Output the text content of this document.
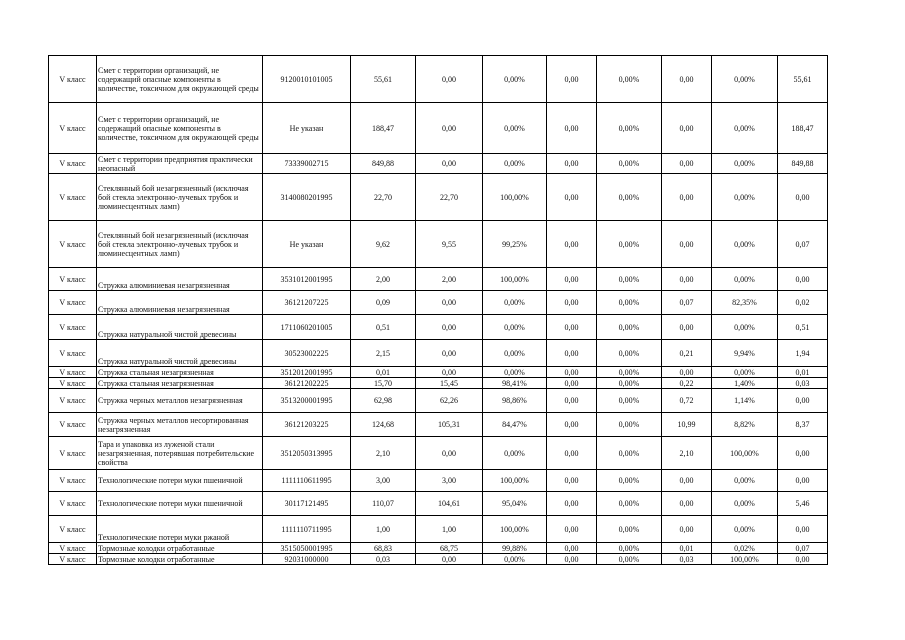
V класс	Смет с территории организаций, не содержащий опасные компоненты в количестве, токсичном для окружающей среды	9120010101005	55,61	0,00	0,00%	0,00	0,00%	0,00	0,00%	55,61	
V класс	Смет с территории организаций, не содержащий опасные компоненты в количестве, токсичном для окружающей среды	Не указан	188,47	0,00	0,00%	0,00	0,00%	0,00	0,00%	188,47	
V класс	Смет с территории предприятия практически неопасный	73339002715	849,88	0,00	0,00%	0,00	0,00%	0,00	0,00%	849,88	
V класс	Стеклянный бой незагрязненный (исключая бой стекла электронно-лучевых трубок и люминесцентных ламп)	3140080201995	22,70	22,70	100,00%	0,00	0,00%	0,00	0,00%	0,00	
V класс	Стеклянный бой незагрязненный (исключая бой стекла электронно-лучевых трубок и люминесцентных ламп)	Не указан	9,62	9,55	99,25%	0,00	0,00%	0,00	0,00%	0,07	
V класс	Стружка алюминиевая незагрязненная	3531012001995	2,00	2,00	100,00%	0,00	0,00%	0,00	0,00%	0,00	
V класс	Стружка алюминиевая незагрязненная	36121207225	0,09	0,00	0,00%	0,00	0,00%	0,07	82,35%	0,02	
V класс	Стружка натуральной чистой древесины	1711060201005	0,51	0,00	0,00%	0,00	0,00%	0,00	0,00%	0,51	
V класс	Стружка натуральной чистой древесины	30523002225	2,15	0,00	0,00%	0,00	0,00%	0,21	9,94%	1,94	
V класс	Стружка стальная незагрязненная	3512012001995	0,01	0,00	0,00%	0,00	0,00%	0,00	0,00%	0,01	
V класс	Стружка стальная незагрязненная	36121202225	15,70	15,45	98,41%	0,00	0,00%	0,22	1,40%	0,03	
V класс	Стружка черных металлов незагрязненная	3513200001995	62,98	62,26	98,86%	0,00	0,00%	0,72	1,14%	0,00	
V класс	Стружка черных металлов несортированная незагрязненная	36121203225	124,68	105,31	84,47%	0,00	0,00%	10,99	8,82%	8,37	
V класс	Тара и упаковка из луженой стали незагрязненная, потерявшая потребительские свойства	3512050313995	2,10	0,00	0,00%	0,00	0,00%	2,10	100,00%	0,00	
V класс	Технологические потери муки пшеничной	1111110611995	3,00	3,00	100,00%	0,00	0,00%	0,00	0,00%	0,00	
V класс	Технологические потери муки пшеничной	30117121495	110,07	104,61	95,04%	0,00	0,00%	0,00	0,00%	5,46	
V класс	Технологические потери муки ржаной	1111110711995	1,00	1,00	100,00%	0,00	0,00%	0,00	0,00%	0,00	
V класс	Тормозные колодки отработанные	3515050001995	68,83	68,75	99,88%	0,00	0,00%	0,01	0,02%	0,07	
V класс	Тормозные колодки отработанные	92031000000	0,03	0,00	0,00%	0,00	0,00%	0,03	100,00%	0,00	
